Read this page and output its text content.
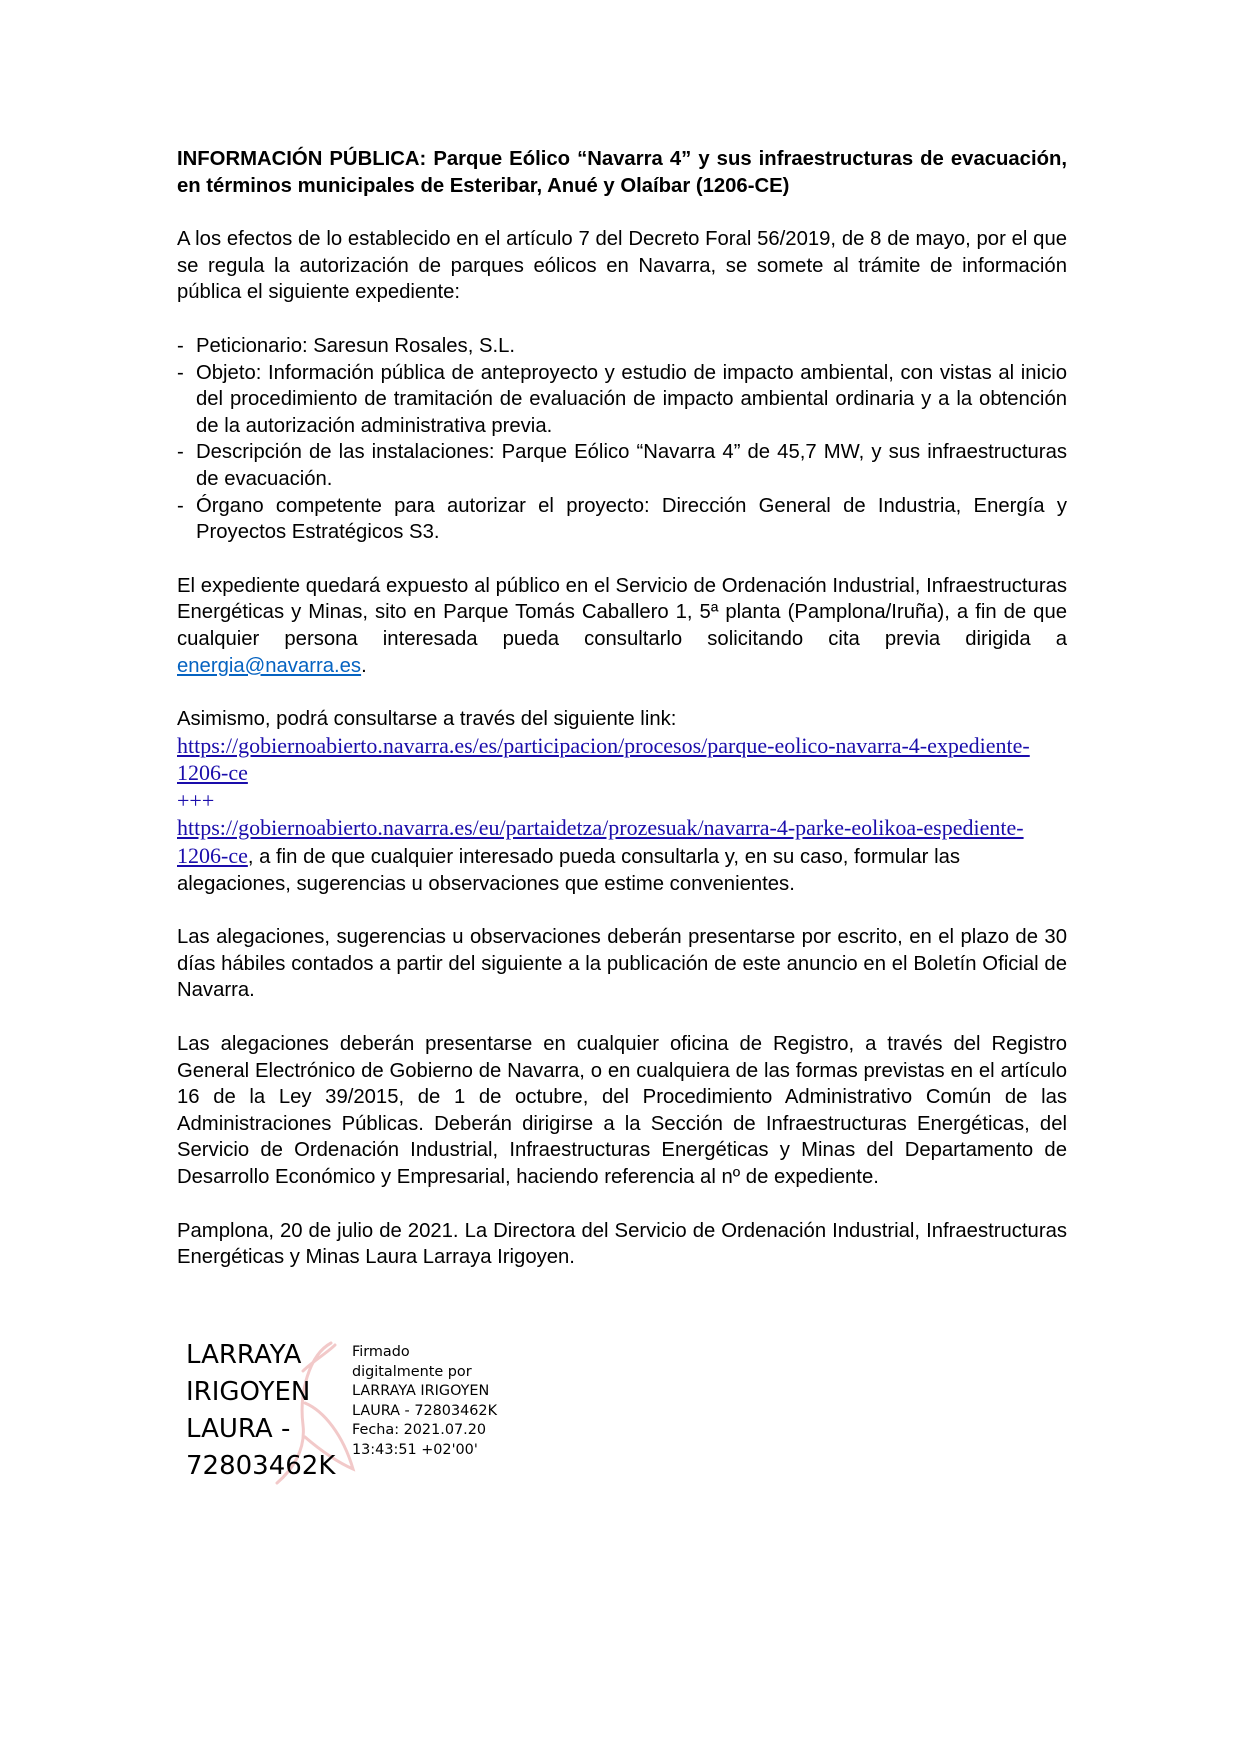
INFORMACIÓN PÚBLICA: Parque Eólico “Navarra 4” y sus infraestructuras de evacuación, en términos municipales de Esteribar, Anué y Olaíbar (1206-CE)

A los efectos de lo establecido en el artículo 7 del Decreto Foral 56/2019, de 8 de mayo, por el que se regula la autorización de parques eólicos en Navarra, se somete al trámite de información pública el siguiente expediente:

- Peticionario: Saresun Rosales, S.L.
- Objeto: Información pública de anteproyecto y estudio de impacto ambiental, con vistas al inicio del procedimiento de tramitación de evaluación de impacto ambiental ordinaria y a la obtención de la autorización administrativa previa.
- Descripción de las instalaciones: Parque Eólico “Navarra 4” de 45,7 MW, y sus infraestructuras de evacuación.
- Órgano competente para autorizar el proyecto: Dirección General de Industria, Energía y Proyectos Estratégicos S3.

El expediente quedará expuesto al público en el Servicio de Ordenación Industrial, Infraestructuras Energéticas y Minas, sito en Parque Tomás Caballero 1, 5ª planta (Pamplona/Iruña), a fin de que cualquier persona interesada pueda consultarlo solicitando cita previa dirigida a energia@navarra.es.

Asimismo, podrá consultarse a través del siguiente link:
https://gobiernoabierto.navarra.es/es/participacion/procesos/parque-eolico-navarra-4-expediente-1206-ce
+++
https://gobiernoabierto.navarra.es/eu/partaidetza/prozesuak/navarra-4-parke-eolikoa-espediente-1206-ce, a fin de que cualquier interesado pueda consultarla y, en su caso, formular las alegaciones, sugerencias u observaciones que estime convenientes.

Las alegaciones, sugerencias u observaciones deberán presentarse por escrito, en el plazo de 30 días hábiles contados a partir del siguiente a la publicación de este anuncio en el Boletín Oficial de Navarra.

Las alegaciones deberán presentarse en cualquier oficina de Registro, a través del Registro General Electrónico de Gobierno de Navarra, o en cualquiera de las formas previstas en el artículo 16 de la Ley 39/2015, de 1 de octubre, del Procedimiento Administrativo Común de las Administraciones Públicas. Deberán dirigirse a la Sección de Infraestructuras Energéticas, del Servicio de Ordenación Industrial, Infraestructuras Energéticas y Minas del Departamento de Desarrollo Económico y Empresarial, haciendo referencia al nº de expediente.

Pamplona, 20 de julio de 2021. La Directora del Servicio de Ordenación Industrial, Infraestructuras Energéticas y Minas Laura Larraya Irigoyen.

LARRAYA
IRIGOYEN
LAURA -
72803462K
Firmado
digitalmente por
LARRAYA IRIGOYEN
LAURA - 72803462K
Fecha: 2021.07.20
13:43:51 +02'00'
